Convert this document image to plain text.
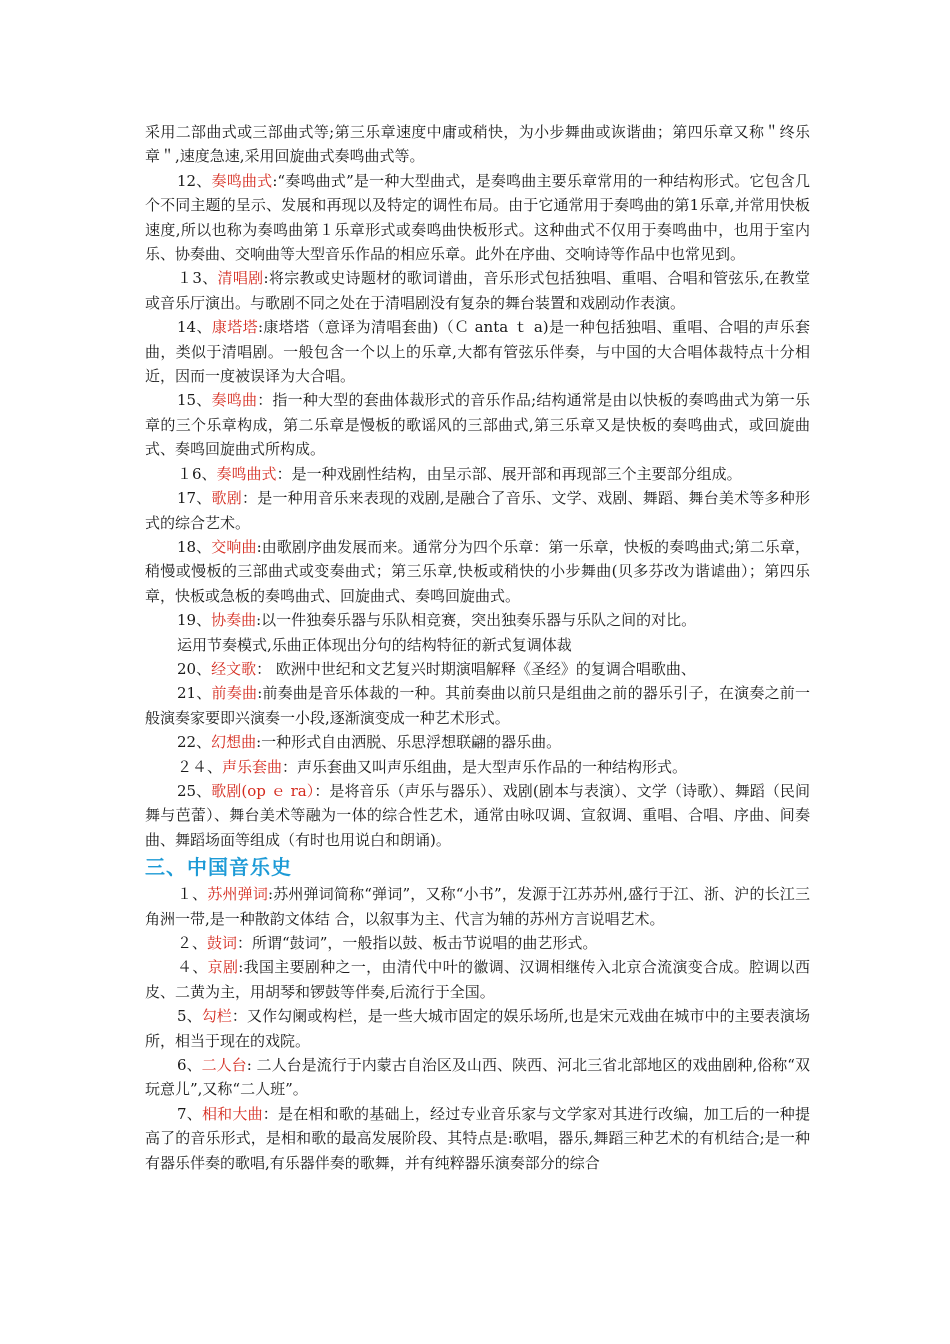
采用二部曲式或三部曲式等;第三乐章速度中庸或稍快，为小步舞曲或诙谐曲；第四乐章又称＂终乐章＂,速度急速,采用回旋曲式奏鸣曲式等。

12、奏鸣曲式:“奏鸣曲式”是一种大型曲式，是奏鸣曲主要乐章常用的一种结构形式。它包含几个不同主题的呈示、发展和再现以及特定的调性布局。由于它通常用于奏鸣曲的第1乐章,并常用快板速度,所以也称为奏鸣曲第１乐章形式或奏鸣曲快板形式。这种曲式不仅用于奏鸣曲中，也用于室内乐、协奏曲、交响曲等大型音乐作品的相应乐章。此外在序曲、交响诗等作品中也常见到。

１3、清唱剧:将宗教或史诗题材的歌词谱曲，音乐形式包括独唱、重唱、合唱和管弦乐,在教堂或音乐厅演出。与歌剧不同之处在于清唱剧没有复杂的舞台装置和戏剧动作表演。

14、康塔塔:康塔塔（意译为清唱套曲)（Ｃ anta ｔ a)是一种包括独唱、重唱、合唱的声乐套曲，类似于清唱剧。一般包含一个以上的乐章,大都有管弦乐伴奏，与中国的大合唱体裁特点十分相近，因而一度被误译为大合唱。

15、奏鸣曲：指一种大型的套曲体裁形式的音乐作品;结构通常是由以快板的奏鸣曲式为第一乐章的三个乐章构成，第二乐章是慢板的歌谣风的三部曲式,第三乐章又是快板的奏鸣曲式，或回旋曲式、奏鸣回旋曲式所构成。

１6、奏鸣曲式：是一种戏剧性结构，由呈示部、展开部和再现部三个主要部分组成。

17、歌剧：是一种用音乐来表现的戏剧,是融合了音乐、文学、戏剧、舞蹈、舞台美术等多种形式的综合艺术。

18、交响曲:由歌剧序曲发展而来。通常分为四个乐章：第一乐章，快板的奏鸣曲式;第二乐章，稍慢或慢板的三部曲式或变奏曲式；第三乐章,快板或稍快的小步舞曲(贝多芬改为谐谑曲）；第四乐章，快板或急板的奏鸣曲式、回旋曲式、奏鸣回旋曲式。

19、协奏曲:以一件独奏乐器与乐队相竞赛，突出独奏乐器与乐队之间的对比。

运用节奏模式,乐曲正体现出分句的结构特征的新式复调体裁

20、经文歌： 欧洲中世纪和文艺复兴时期演唱解释《圣经》的复调合唱歌曲、

21、前奏曲:前奏曲是音乐体裁的一种。其前奏曲以前只是组曲之前的器乐引子，在演奏之前一般演奏家要即兴演奏一小段,逐渐演变成一种艺术形式。

22、幻想曲:一种形式自由洒脱、乐思浮想联翩的器乐曲。

２４、声乐套曲：声乐套曲又叫声乐组曲，是大型声乐作品的一种结构形式。

25、歌剧(op ｅ ra）：是将音乐（声乐与器乐）、戏剧(剧本与表演）、文学（诗歌）、舞蹈（民间舞与芭蕾）、舞台美术等融为一体的综合性艺术，通常由咏叹调、宣叙调、重唱、合唱、序曲、间奏曲、舞蹈场面等组成（有时也用说白和朗诵)。

三、中国音乐史

１、苏州弹词:苏州弹词简称“弹词”，又称“小书”，发源于江苏苏州,盛行于江、浙、沪的长江三角洲一带,是一种散韵文体结 合，以叙事为主、代言为辅的苏州方言说唱艺术。

２、鼓词：所谓“鼓词”，一般指以鼓、板击节说唱的曲艺形式。

４、京剧:我国主要剧种之一，由清代中叶的徽调、汉调相继传入北京合流演变合成。腔调以西皮、二黄为主，用胡琴和锣鼓等伴奏,后流行于全国。

5、勾栏：又作勾阑或构栏，是一些大城市固定的娱乐场所,也是宋元戏曲在城市中的主要表演场所，相当于现在的戏院。

6、二人台: 二人台是流行于内蒙古自治区及山西、陕西、河北三省北部地区的戏曲剧种,俗称“双玩意儿”,又称“二人班”。

7、相和大曲：是在相和歌的基础上，经过专业音乐家与文学家对其进行改编，加工后的一种提高了的音乐形式，是相和歌的最高发展阶段、其特点是:歌唱，器乐,舞蹈三种艺术的有机结合;是一种有器乐伴奏的歌唱,有乐器伴奏的歌舞，并有纯粹器乐演奏部分的综合
